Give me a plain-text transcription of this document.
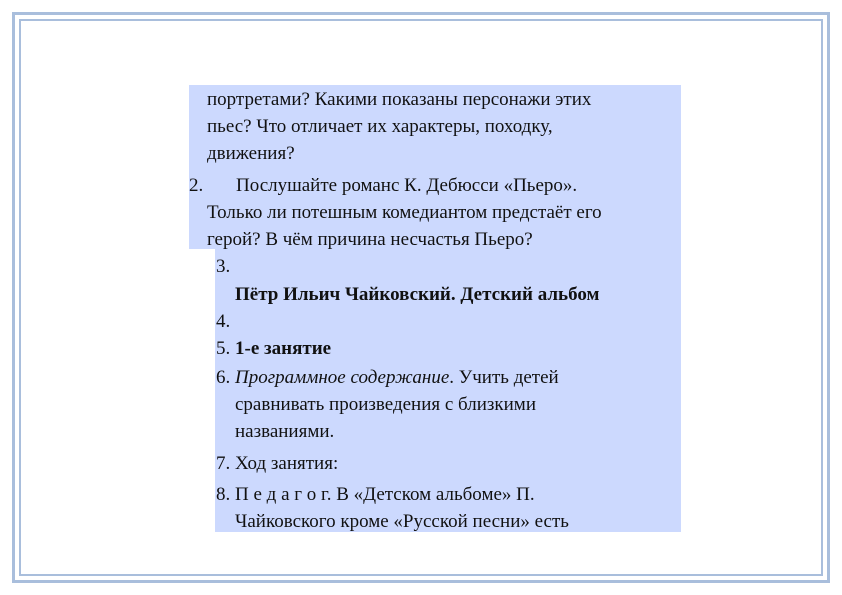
портретами? Какими показаны персонажи этих
пьес? Что отличает их характеры, походку,
движения?
2. Послушайте романс К. Дебюсси «Пьеро».
Только ли потешным комедиантом предстаёт его
герой? В чём причина несчастья Пьеро?
3.
Пётр Ильич Чайковский. Детский альбом
4.
5. 1-е занятие
6. Программное содержание. Учить детей
сравнивать произведения с близкими
названиями.
7. Ход занятия:
8. П е д а г о г. В «Детском альбоме» П.
Чайковского кроме «Русской песни» есть
